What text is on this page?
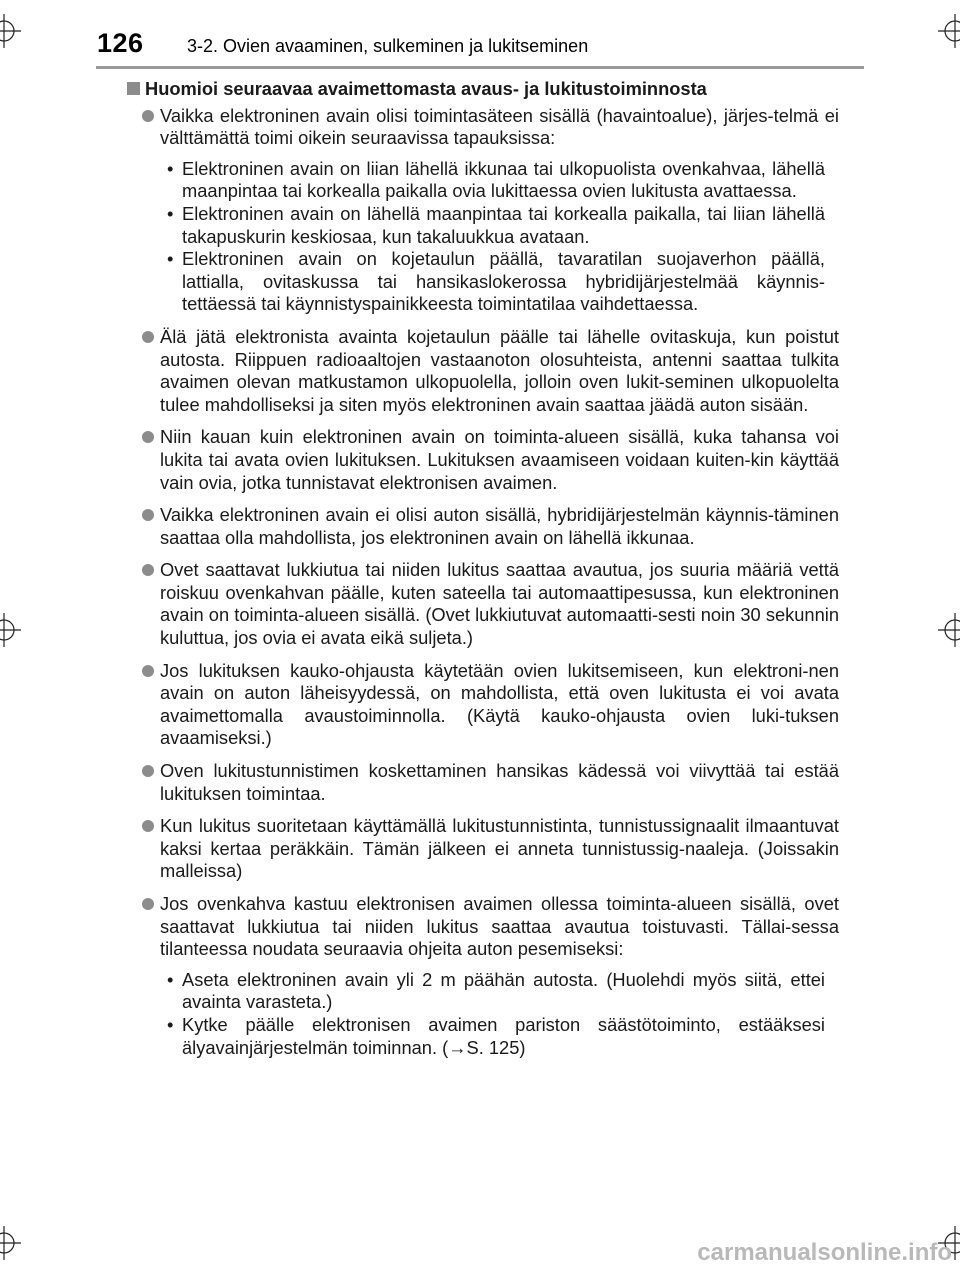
126 3-2. Ovien avaaminen, sulkeminen ja lukitseminen
Huomioi seuraavaa avaimettomasta avaus- ja lukitustoiminnosta
Vaikka elektroninen avain olisi toimintasäteen sisällä (havaintoalue), järjes-telmä ei välttämättä toimi oikein seuraavissa tapauksissa:
• Elektroninen avain on liian lähellä ikkunaa tai ulkopuolista ovenkahvaa, lähellä maanpintaa tai korkealla paikalla ovia lukittaessa ovien lukitusta avattaessa.
• Elektroninen avain on lähellä maanpintaa tai korkealla paikalla, tai liian lähellä takapuskurin keskiosaa, kun takaluukkua avataan.
• Elektroninen avain on kojetaulun päällä, tavaratilan suojaverhon päällä, lattialla, ovitaskussa tai hansikaslokerossa hybridijärjestelmää käynnis-tettäessä tai käynnistyspainikkeesta toimintatilaa vaihdettaessa.
Älä jätä elektronista avainta kojetaulun päälle tai lähelle ovitaskuja, kun poistut autosta. Riippuen radioaaltojen vastaanoton olosuhteista, antenni saattaa tulkita avaimen olevan matkustamon ulkopuolella, jolloin oven lukit-seminen ulkopuolelta tulee mahdolliseksi ja siten myös elektroninen avain saattaa jäädä auton sisään.
Niin kauan kuin elektroninen avain on toiminta-alueen sisällä, kuka tahansa voi lukita tai avata ovien lukituksen. Lukituksen avaamiseen voidaan kuiten-kin käyttää vain ovia, jotka tunnistavat elektronisen avaimen.
Vaikka elektroninen avain ei olisi auton sisällä, hybridijärjestelmän käynnis-täminen saattaa olla mahdollista, jos elektroninen avain on lähellä ikkunaa.
Ovet saattavat lukkiutua tai niiden lukitus saattaa avautua, jos suuria määriä vettä roiskuu ovenkahvan päälle, kuten sateella tai automaattipesussa, kun elektroninen avain on toiminta-alueen sisällä. (Ovet lukkiutuvat automaatti-sesti noin 30 sekunnin kuluttua, jos ovia ei avata eikä suljeta.)
Jos lukituksen kauko-ohjausta käytetään ovien lukitsemiseen, kun elektroni-nen avain on auton läheisyydessä, on mahdollista, että oven lukitusta ei voi avata avaimettomalla avaustoiminnolla. (Käytä kauko-ohjausta ovien luki-tuksen avaamiseksi.)
Oven lukitustunnistimen koskettaminen hansikas kädessä voi viivyttää tai estää lukituksen toimintaa.
Kun lukitus suoritetaan käyttämällä lukitustunnistinta, tunnistussignaalit ilmaantuvat kaksi kertaa peräkkäin. Tämän jälkeen ei anneta tunnistussig-naaleja. (Joissakin malleissa)
Jos ovenkahva kastuu elektronisen avaimen ollessa toiminta-alueen sisällä, ovet saattavat lukkiutua tai niiden lukitus saattaa avautua toistuvasti. Tällai-sessa tilanteessa noudata seuraavia ohjeita auton pesemiseksi:
• Aseta elektroninen avain yli 2 m päähän autosta. (Huolehdi myös siitä, ettei avainta varasteta.)
• Kytke päälle elektronisen avaimen pariston säästötoiminto, estääksesi älyavainjärjestelmän toiminnan. (→S. 125)
carmanualsonline.info
